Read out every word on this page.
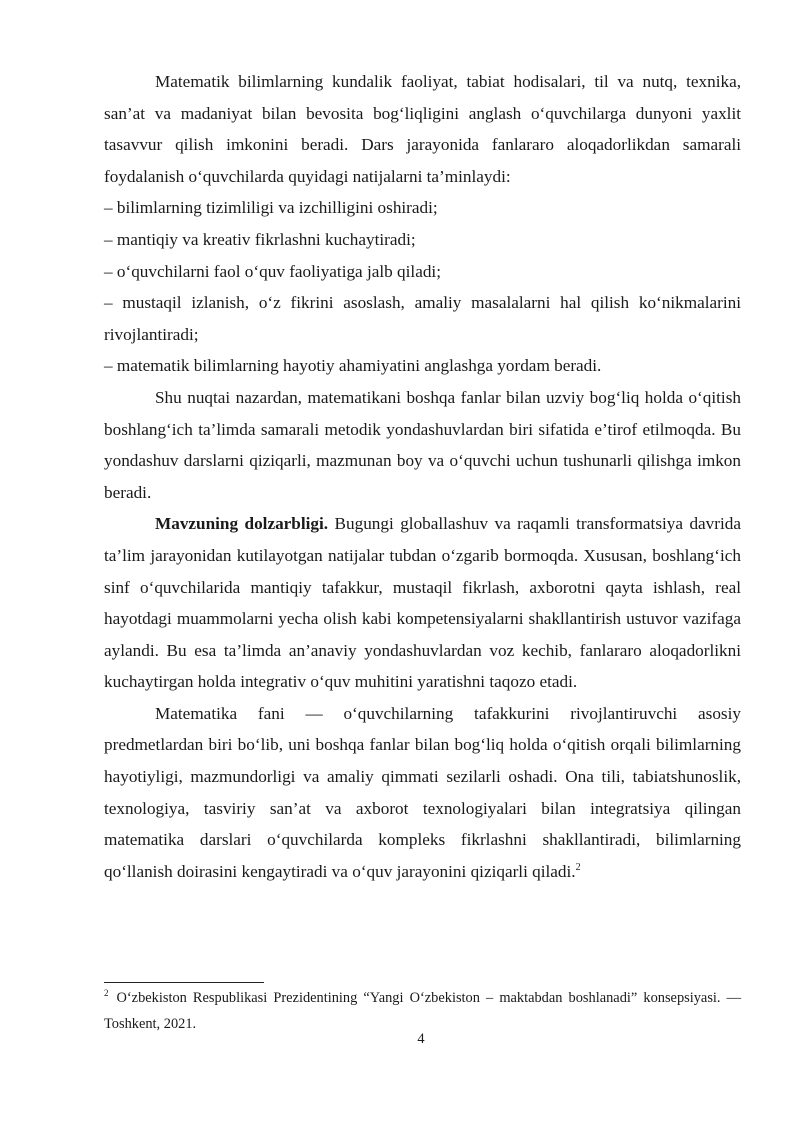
Matematik bilimlarning kundalik faoliyat, tabiat hodisalari, til va nutq, texnika, san’at va madaniyat bilan bevosita bog‘liqligini anglash o‘quvchilarga dunyoni yaxlit tasavvur qilish imkonini beradi. Dars jarayonida fanlararo aloqadorlikdan samarali foydalanish o‘quvchilarda quyidagi natijalarni ta’minlaydi:

– bilimlarning tizimliligi va izchilligini oshiradi;

– mantiqiy va kreativ fikrlashni kuchaytiradi;

– o‘quvchilarni faol o‘quv faoliyatiga jalb qiladi;

– mustaqil izlanish, o‘z fikrini asoslash, amaliy masalalarni hal qilish ko‘nikmalarini rivojlantiradi;

– matematik bilimlarning hayotiy ahamiyatini anglashga yordam beradi.

Shu nuqtai nazardan, matematikani boshqa fanlar bilan uzviy bog‘liq holda o‘qitish boshlang‘ich ta’limda samarali metodik yondashuvlardan biri sifatida e’tirof etilmoqda. Bu yondashuv darslarni qiziqarli, mazmunan boy va o‘quvchi uchun tushunarli qilishga imkon beradi.

Mavzuning dolzarbligi. Bugungi globallashuv va raqamli transformatsiya davrida ta’lim jarayonidan kutilayotgan natijalar tubdan o‘zgarib bormoqda. Xususan, boshlang‘ich sinf o‘quvchilarida mantiqiy tafakkur, mustaqil fikrlash, axborotni qayta ishlash, real hayotdagi muammolarni yecha olish kabi kompetensiyalarni shakllantirish ustuvor vazifaga aylandi. Bu esa ta’limda an’anaviy yondashuvlardan voz kechib, fanlararo aloqadorlikni kuchaytirgan holda integrativ o‘quv muhitini yaratishni taqozo etadi.

Matematika fani — o‘quvchilarning tafakkurini rivojlantiruvchi asosiy predmetlardan biri bo‘lib, uni boshqa fanlar bilan bog‘liq holda o‘qitish orqali bilimlarning hayotiyligi, mazmundorligi va amaliy qimmati sezilarli oshadi. Ona tili, tabiatshunoslik, texnologiya, tasviriy san’at va axborot texnologiyalari bilan integratsiya qilingan matematika darslari o‘quvchilarda kompleks fikrlashni shakllantiradi, bilimlarning qo‘llanish doirasini kengaytiradi va o‘quv jarayonini qiziqarli qiladi.$^2$

$^2$ O‘zbekiston Respublikasi Prezidentining “Yangi O‘zbekiston – maktabdan boshlanadi” konsepsiyasi. — Toshkent, 2021.
4
